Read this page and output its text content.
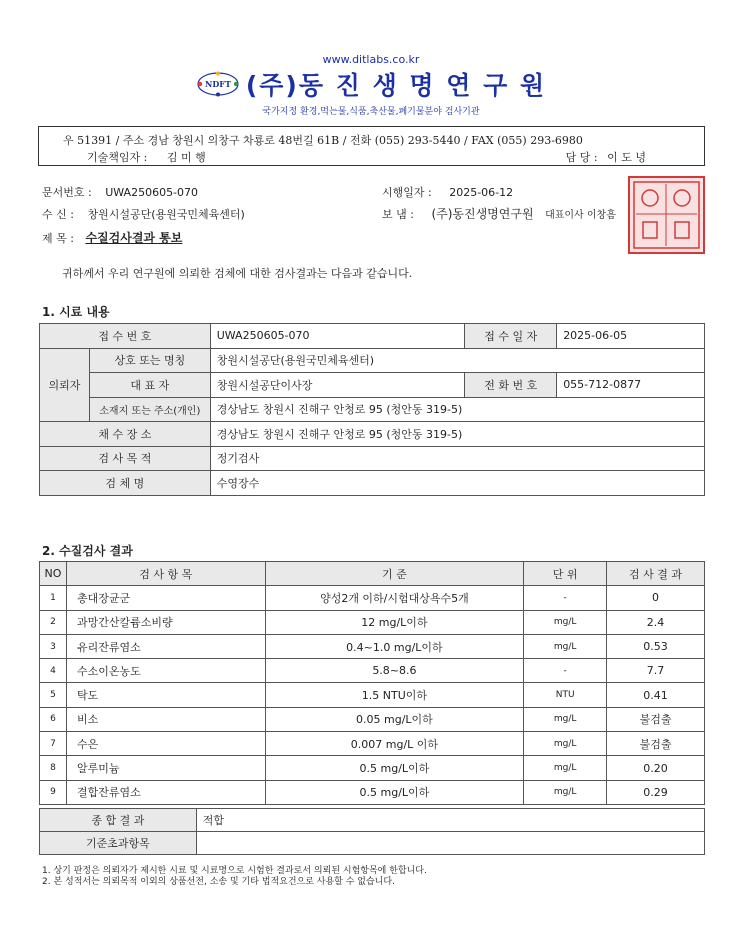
www.ditlabs.co.kr
NDFT (주)동 진 생 명 연 구 원
국가지정 환경,먹는물,식품,축산물,폐기물분야 검사기관
우 51391 / 주소 경남 창원시 의창구 차룡로 48번길 61B / 전화 (055) 293-5440 / FAX (055) 293-6980
기술책임자 : 김 미 행	담 당 : 이 도 녕
문서번호 : UWA250605-070	시행일자 : 2025-06-12
수 신 : 창원시설공단(용원국민체육센터)	보 냄 : (주)동진생명연구원 대표이사 이창흠
제 목 : 수질검사결과 통보
귀하께서 우리 연구원에 의뢰한 검체에 대한 검사결과는 다음과 같습니다.
1. 시료 내용
접 수 번 호		UWA250605-070	접 수 일 자	2025-06-05
의뢰자	상호 또는 명칭	창원시설공단(용원국민체육센터)		
	대 표 자	창원시설공단이사장	전 화 번 호	055-712-0877
	소재지 또는 주소(개인)	경상남도 창원시 진해구 안청로 95 (청안동 319-5)		
채 수 장 소		경상남도 창원시 진해구 안청로 95 (청안동 319-5)		
검 사 목 적		정기검사		
검 체 명		수영장수		
2. 수질검사 결과
NO	검 사 항 목	기 준	단 위	검 사 결 과
1	총대장균군	양성2개 이하/시험대상욕수5개	-	0
2	과망간산칼륨소비량	12 mg/L이하	mg/L	2.4
3	유리잔류염소	0.4~1.0 mg/L이하	mg/L	0.53
4	수소이온농도	5.8~8.6	-	7.7
5	탁도	1.5 NTU이하	NTU	0.41
6	비소	0.05 mg/L이하	mg/L	불검출
7	수은	0.007 mg/L 이하	mg/L	불검출
8	알루미늄	0.5 mg/L이하	mg/L	0.20
9	결합잔류염소	0.5 mg/L이하	mg/L	0.29
종 합 결 과	적합
기준초과항목	
1. 상기 판정은 의뢰자가 제시한 시료 및 시료명으로 시험한 결과로서 의뢰된 시험항목에 한합니다.
2. 본 성적서는 의뢰목적 이외의 상품선전, 소송 및 기타 법적요건으로 사용할 수 없습니다.
